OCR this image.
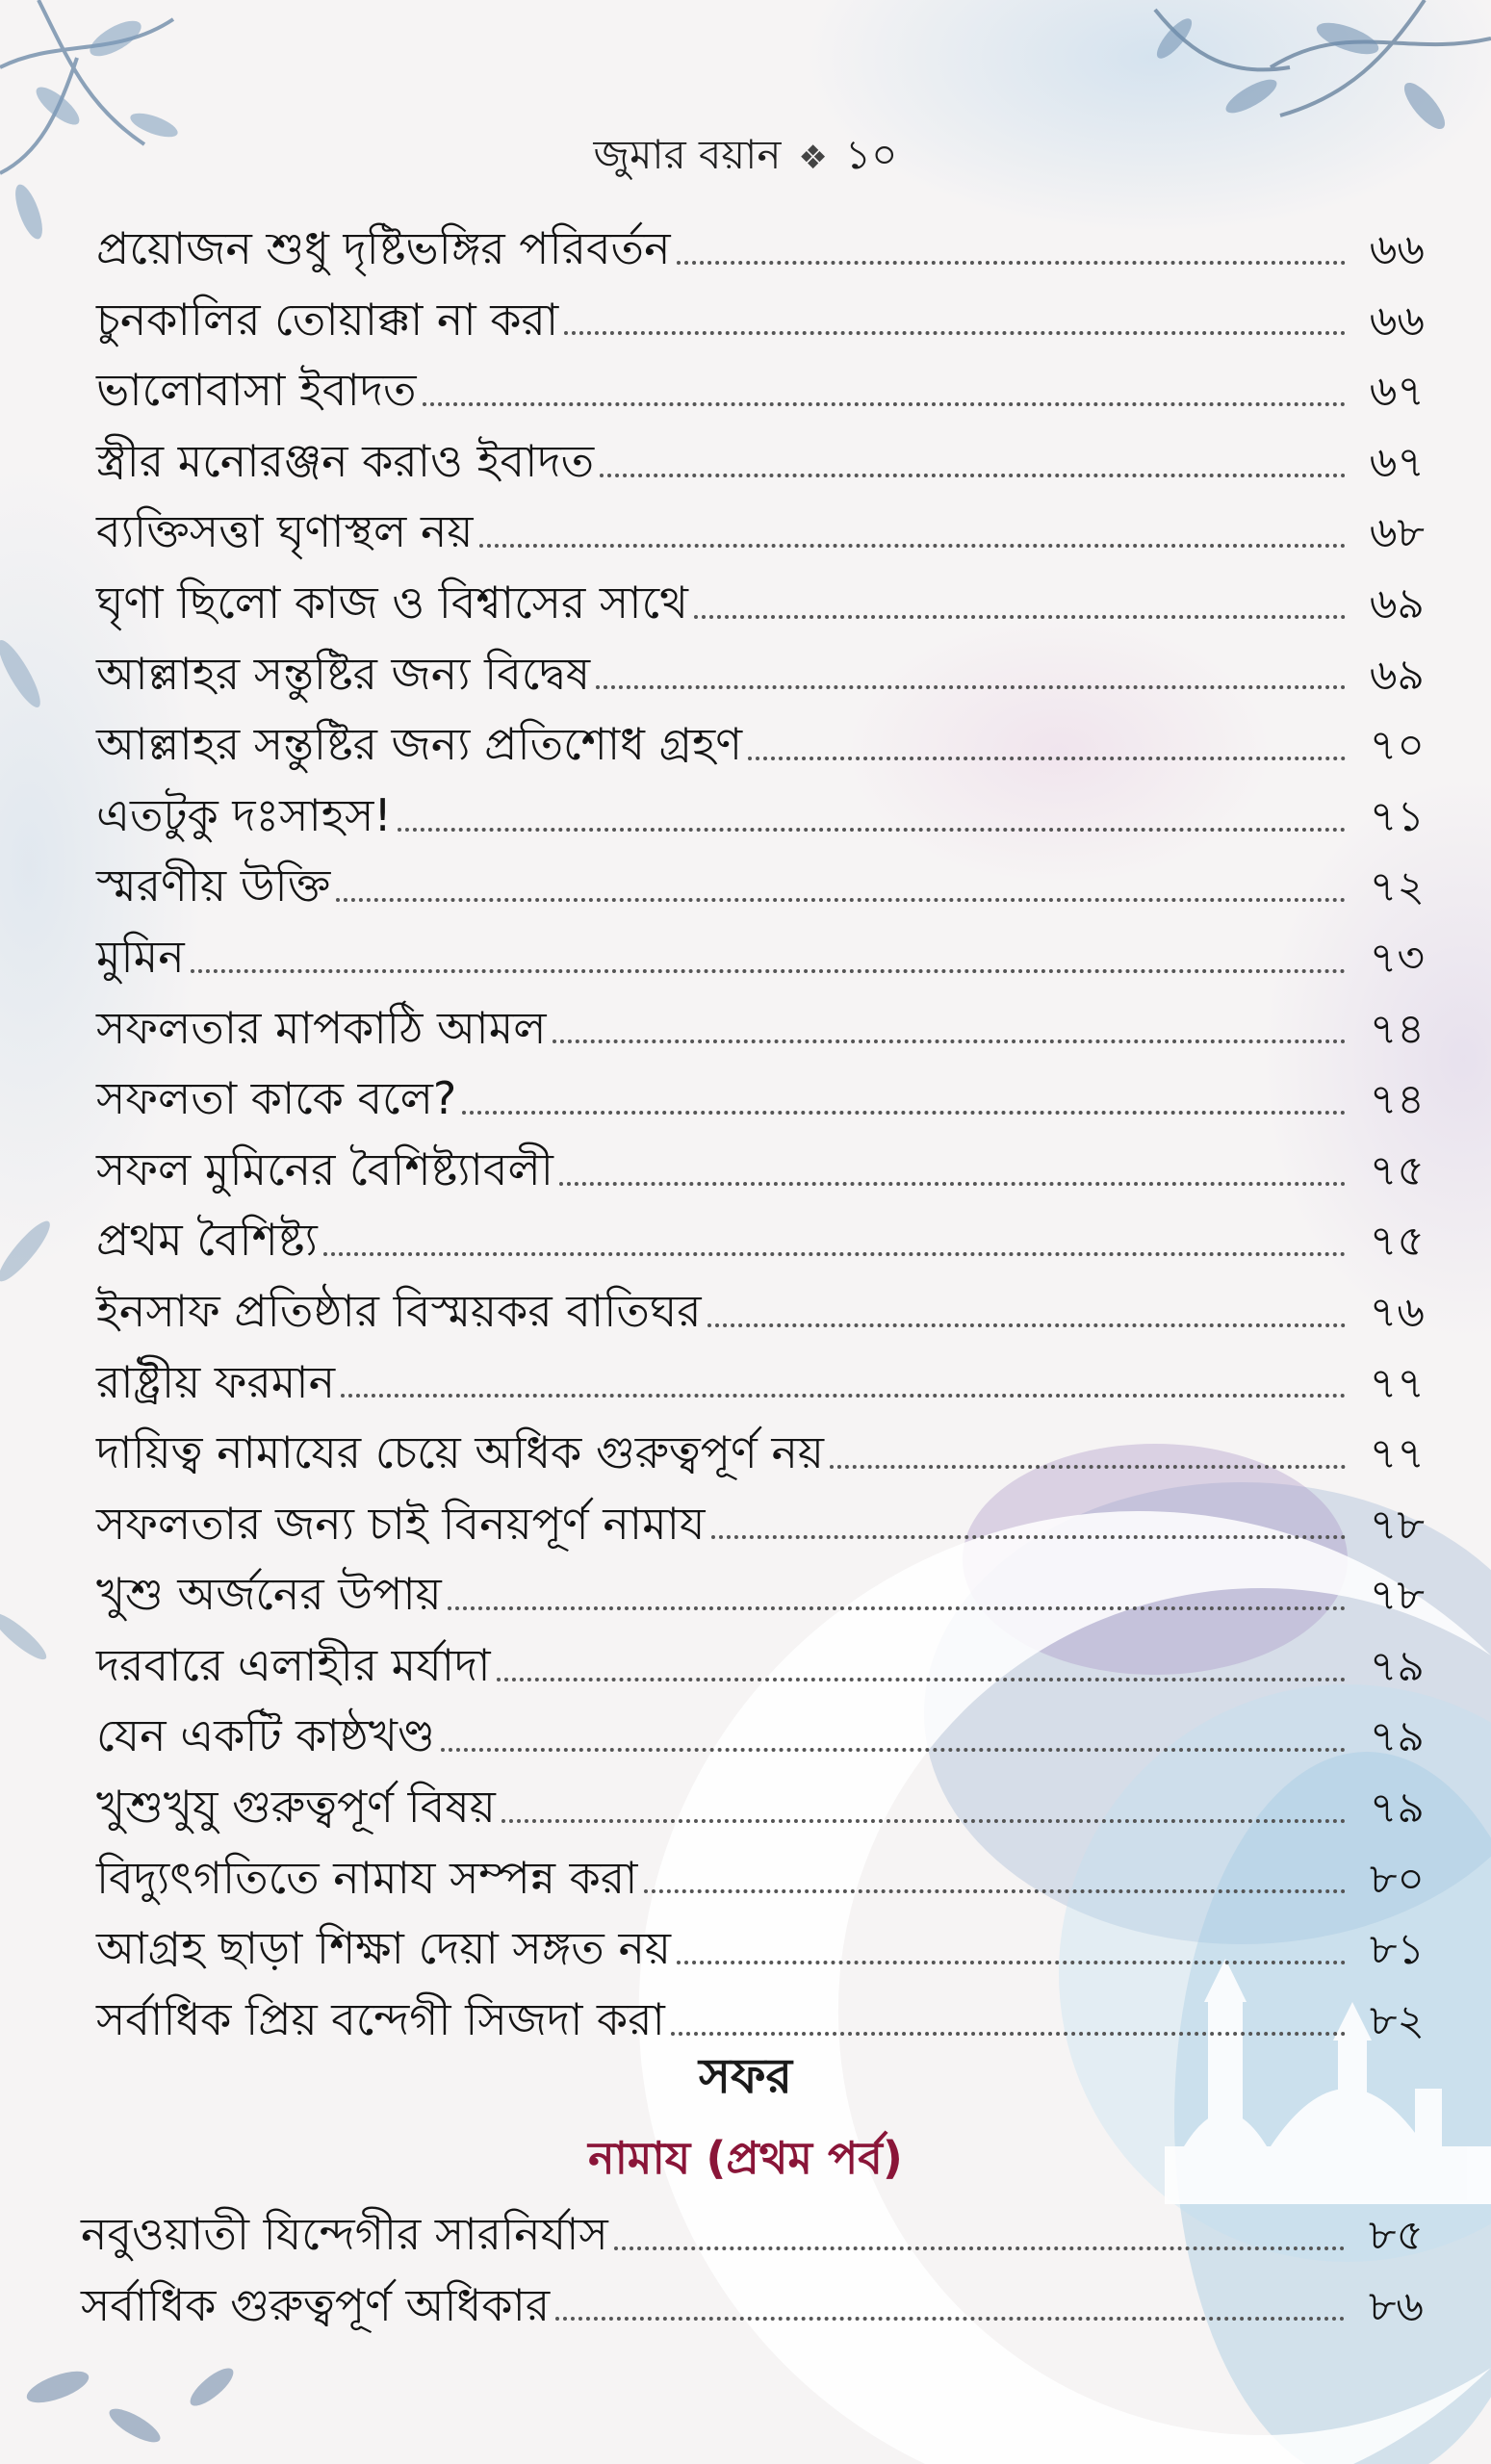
জুমার বয়ান ❖ ১০
প্রয়োজন শুধু দৃষ্টিভঙ্গির পরিবর্তন	৬৬
চুনকালির তোয়াক্কা না করা	৬৬
ভালোবাসা ইবাদত	৬৭
স্ত্রীর মনোরঞ্জন করাও ইবাদত	৬৭
ব্যক্তিসত্তা ঘৃণাস্থল নয়	৬৮
ঘৃণা ছিলো কাজ ও বিশ্বাসের সাথে	৬৯
আল্লাহর সন্তুষ্টির জন্য বিদ্বেষ	৬৯
আল্লাহর সন্তুষ্টির জন্য প্রতিশোধ গ্রহণ	৭০
এতটুকু দঃসাহস!	৭১
স্মরণীয় উক্তি	৭২
মুমিন	৭৩
সফলতার মাপকাঠি আমল	৭৪
সফলতা কাকে বলে?	৭৪
সফল মুমিনের বৈশিষ্ট্যাবলী	৭৫
প্রথম বৈশিষ্ট্য	৭৫
ইনসাফ প্রতিষ্ঠার বিস্ময়কর বাতিঘর	৭৬
রাষ্ট্রীয় ফরমান	৭৭
দায়িত্ব নামাযের চেয়ে অধিক গুরুত্বপূর্ণ নয়	৭৭
সফলতার জন্য চাই বিনয়পূর্ণ নামায	৭৮
খুশু অর্জনের উপায়	৭৮
দরবারে এলাহীর মর্যাদা	৭৯
যেন একটি কাষ্ঠখণ্ড	৭৯
খুশুখুযু গুরুত্বপূর্ণ বিষয়	৭৯
বিদ্যুৎগতিতে নামায সম্পন্ন করা	৮০
আগ্রহ ছাড়া শিক্ষা দেয়া সঙ্গত নয়	৮১
সর্বাধিক প্রিয় বন্দেগী সিজদা করা	৮২
সফর
নামায (প্রথম পর্ব)
নবুওয়াতী যিন্দেগীর সারনির্যাস	৮৫
সর্বাধিক গুরুত্বপূর্ণ অধিকার	৮৬
